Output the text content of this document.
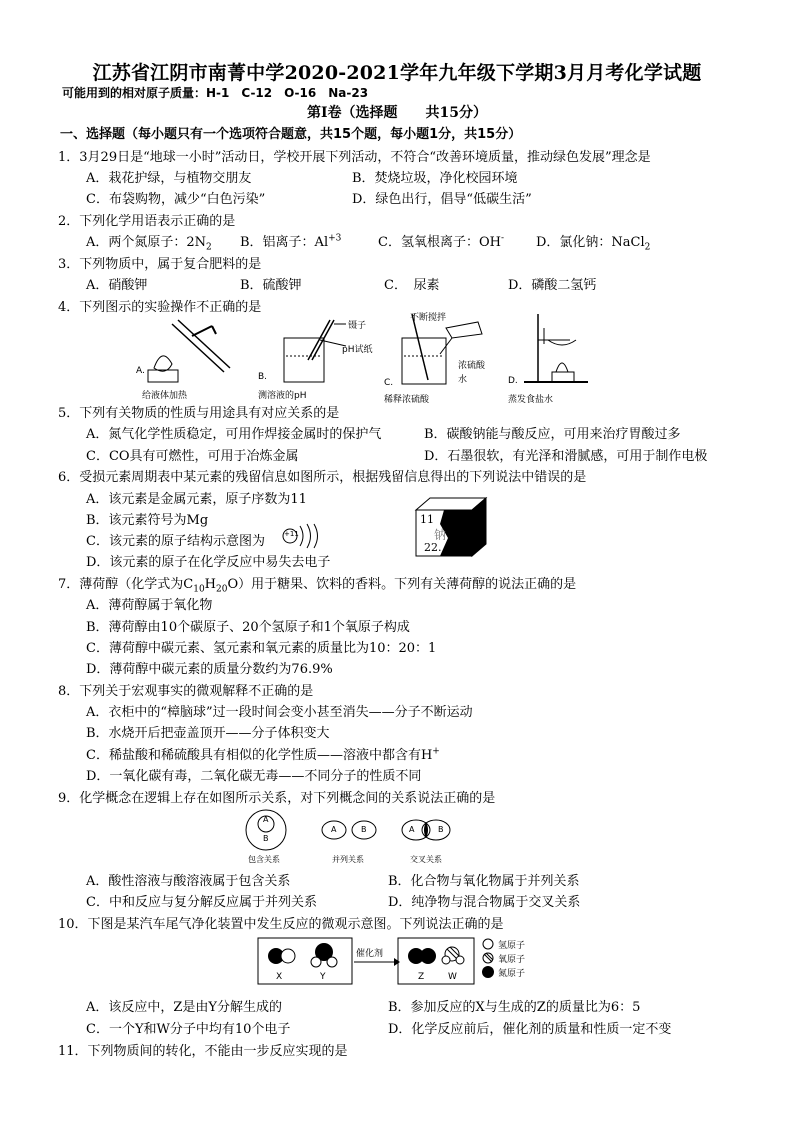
江苏省江阴市南菁中学2020-2021学年九年级下学期3月月考化学试题
可能用到的相对原子质量：H-1　C-12　O-16　Na-23
第Ⅰ卷（选择题　　共15分）
一、选择题（每小题只有一个选项符合题意，共15个题，每小题1分，共15分）
1．3月29日是“地球一小时”活动日，学校开展下列活动，不符合“改善环境质量，推动绿色发展”理念是
A．栽花护绿，与植物交朋友	B．焚烧垃圾，净化校园环境
C．布袋购物，减少“白色污染”	D．绿色出行，倡导“低碳生活”
2．下列化学用语表示正确的是
A．两个氮原子：$2N_2$ B．铝离子：$Al^{+3}$	C．氢氧根离子：OH- D．氯化钠：NaCl$_2$
3．下列物质中，属于复合肥料的是
A．硝酸钾	B．硫酸钾	C．　尿素	D．磷酸二氢钙
4．下列图示的实验操作不正确的是
A.
给液体加热
镊子
pH试纸
B.
测溶液的pH
不断搅拌
浓硫酸
水
C.
稀释浓硫酸
D.
蒸发食盐水
5．下列有关物质的性质与用途具有对应关系的是
A．氮气化学性质稳定，可用作焊接金属时的保护气	B．碳酸钠能与酸反应，可用来治疗胃酸过多
C．CO具有可燃性，可用于冶炼金属	D．石墨很软，有光泽和滑腻感，可用于制作电极
6．受损元素周期表中某元素的残留信息如图所示，根据残留信息得出的下列说法中错误的是
A．该元素是金属元素，原子序数为11
B．该元素符号为Mg
C．该元素的原子结构示意图为	+11
D．该元素的原子在化学反应中易失去电子
11
钠
22.
7．薄荷醇（化学式为$C_{10}H_{20}O$）用于糖果、饮料的香料。下列有关薄荷醇的说法正确的是
A．薄荷醇属于氧化物
B．薄荷醇由10个碳原子、20个氢原子和1个氧原子构成
C．薄荷醇中碳元素、氢元素和氧元素的质量比为10：20：1
D．薄荷醇中碳元素的质量分数约为76.9%
8．下列关于宏观事实的微观解释不正确的是
A．衣柜中的“樟脑球”过一段时间会变小甚至消失——分子不断运动
B．水烧开后把壶盖顶开——分子体积变大
C．稀盐酸和稀硫酸具有相似的化学性质——溶液中都含有H+
D．一氧化碳有毒，二氧化碳无毒——不同分子的性质不同
9．化学概念在逻辑上存在如图所示关系，对下列概念间的关系说法正确的是
A
B
A	B	A	B
包含关系	并列关系	交叉关系
A．酸性溶液与酸溶液属于包含关系	B．化合物与氧化物属于并列关系
C．中和反应与复分解反应属于并列关系	D．纯净物与混合物属于交叉关系
10．下图是某汽车尾气净化装置中发生反应的微观示意图。下列说法正确的是
X	Y
催化剂
Z	W
氢原子
氧原子
氮原子
A．该反应中，Z是由Y分解生成的	B．参加反应的X与生成的Z的质量比为6：5
C．一个Y和W分子中均有10个电子	D．化学反应前后，催化剂的质量和性质一定不变
11．下列物质间的转化，不能由一步反应实现的是
